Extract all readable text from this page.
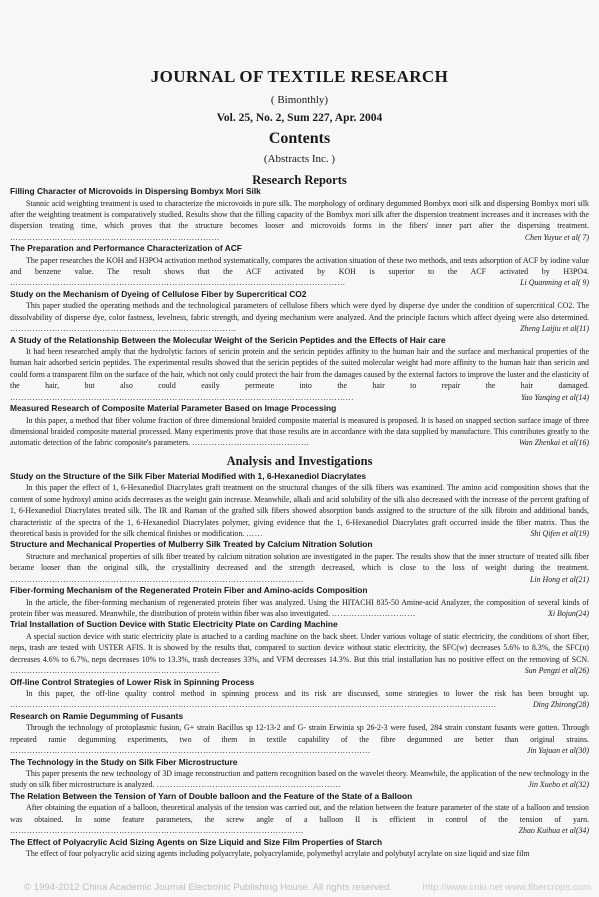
JOURNAL OF TEXTILE RESEARCH
( Bimonthly)
Vol. 25, No. 2, Sum 227, Apr. 2004
Contents
(Abstracts Inc. )
Research Reports
Filling Character of Microvoids in Dispersing Bombyx Mori Silk
Stannic acid weighting treatment is used to characterize the microvoids in pure silk. The morphology of ordinary degummed Bombyx mori silk and dispersing Bombyx mori silk after the weighting treatment is comparatively studied. Results show that the filling capacity of the Bombyx mori silk after the dispersion treatment increases and it increases with the dispersion treating time, which proves that the structure becomes looser and microvoids forms in the fibers' inner part after the dispersing treatment. …………………………………………………………………	Chen Yuyue et al( 7)
The Preparation and Performance Characterization of ACF
The paper researches the KOH and H3PO4 activation method systematically, compares the activation situation of these two methods, and tests adsorption of ACF by iodine value and benzene value. The result shows that the ACF activated by KOH is superior to the ACF activated by H3PO4. …………………………………………………………………………………………………………	Li Quanming et al( 9)
Study on the Mechanism of Dyeing of Cellulose Fiber by Supercritical CO2
This paper studied the operating methods and the technological parameters of cellulose fibers which were dyed by disperse dye under the condition of supercritical CO2. The dissolvability of disperse dye, color fastness, levelness, fabric strength, and dyeing mechanism were analyzed. And the principle factors which affect dyeing were also determined. ………………………………………………………………………	Zheng Laijiu et al(11)
A Study of the Relationship Between the Molecular Weight of the Sericin Peptides and the Effects of Hair care
It had been researched amply that the hydrolytic factors of sericin protein and the sericin peptides affinity to the human hair and the surface and mechanical properties of the human hair adsorbed sericin peptides. The experimental results showed that the sericin peptides of the suited molecular weight had more affinity to the human hair than sericin and could form a transparent film on the surface of the hair, which not only could protect the hair from the damages caused by the external factors to improve the luster and the elasticity of the hair, but also could easily permeate into the hair to repair the hair damaged. ……………………………………………………………………………………………………………	Yao Yanqing et al(14)
Measured Research of Composite Material Parameter Based on Image Processing
In this paper, a method that fiber volume fraction of three dimensional braided composite material is measured is proposed. It is based on snapped section surface image of three dimensional braided composite material processed. Many experiments prove that those results are in accordance with the data supplied by manufacture. This contributes greatly to the automatic detection of the fabric composite's parameters. ……………………………………	Wan Zhenkai et al(16)
Analysis and Investigations
Study on the Structure of the Silk Fiber Material Modified with 1, 6-Hexanediol Diacrylates
In this paper the effect of 1, 6-Hexanediol Diacrylates graft treatment on the structural changes of the silk fibers was examined. The amino acid composition shows that the content of some hydroxyl amino acids decreases as the weight gain increase. Meanwhile, alkali and acid solubility of the silk also decreased with the increase of the percent grafting of 1, 6-Hexanediol Diacrylates treated silk. The IR and Raman of the grafted silk fibers showed absorption bands assigned to the structure of the silk fibroin and additional bands, characteristic of the spectra of the 1, 6-Hexanediol Diacrylates polymer, giving evidence that the 1, 6-Hexanediol Diacrylates graft occurred inside the fiber matrix. Thus the theoretical basis is provided for the silk chemical finishes or modification. ……	Shi Qifen et al(19)
Structure and Mechanical Properties of Mulberry Silk Treated by Calcium Nitration Solution
Structure and mechanical properties of silk fiber treated by calcium nitration solution are investigated in the paper. The results show that the inner structure of treated silk fiber became looser than the original silk, the crystallinity decreased and the strength decreased, which is close to the loss of weight during the treatment. ……………………………………………………………………………………………	Lin Hong et al(21)
Fiber-forming Mechanism of the Regenerated Protein Fiber and Amino-acids Composition
In the article, the fiber-forming mechanism of regenerated protein fiber was analyzed. Using the HITACHI 835-50 Amine-acid Analyzer, the composition of several kinds of protein fiber was measured. Meanwhile, the distribution of protein within fiber was also investigated. …………………………	Xi Bojun(24)
Trial Installation of Suction Device with Static Electricity Plate on Carding Machine
A special suction device with static electricity plate is attached to a carding machine on the back sheet. Under various voltage of static electricity, the conditions of short fiber, neps, trash are tested with USTER AFIS. It is showed by the results that, compared to suction device without static electricity, the SFC(w) decreases 5.6% to 8.3%, the SFC(n) decreases 4.6% to 6.7%, neps decreases 10% to 13.3%, trash decreases 33%, and VFM decreases 14.3%. But this trial installation has no positive effect on the removing of SCN. …………………………………………………………………	Sun Pengzi et al(26)
Off-line Control Strategies of Lower Risk in Spinning Process
In this paper, the off-line quality control method in spinning process and its risk are discussed, some strategies to lower the risk has been brought up. …………………………………………………………………………………………………………………………………………………………	Ding Zhirong(28)
Research on Ramie Degumming of Fusants
Through the technology of protoplasmic fusion, G+ strain Bacillus sp 12-13-2 and G- strain Erwinia sp 26-2-3 were fused, 284 strain constant fusants were gotten. Through repeated ramie degumming experiments, two of them in textile capability of the fibre degummed are better than original strains. …………………………………………………………………………………………………………………	Jin Yajuan et al(30)
The Technology in the Study on Silk Fiber Microstructure
This paper presents the new technology of 3D image reconstruction and pattern recognition based on the wavelet theory. Meanwhile, the application of the new technology in the study on silk fiber microstructure is analyzed. …………………………………………………………	Jin Xuebo et al(32)
The Relation Between the Tension of Yarn of Double balloon and the Feature of the State of a Balloon
After obtaining the equation of a balloon, theoretical analysis of the tension was carried out, and the relation between the feature parameter of the state of a balloon and tension was obtained. In some feature parameters, the screw angle of a balloon II is efficient in control of the tension of yarn. ……………………………………………………………………………………………	Zhao Kuihua et al(34)
The Effect of Polyacrylic Acid Sizing Agents on Size Liquid and Size Film Properties of Starch
The effect of four polyacrylic acid sizing agents including polyacrylate, polyacrylamide, polymethyl acrylate and polybutyl acrylate on size liquid and size film
© 1994-2012 China Academic Journal Electronic Publishing House. All rights reserved.	http://www.cnki.net www.fibercrops.com
